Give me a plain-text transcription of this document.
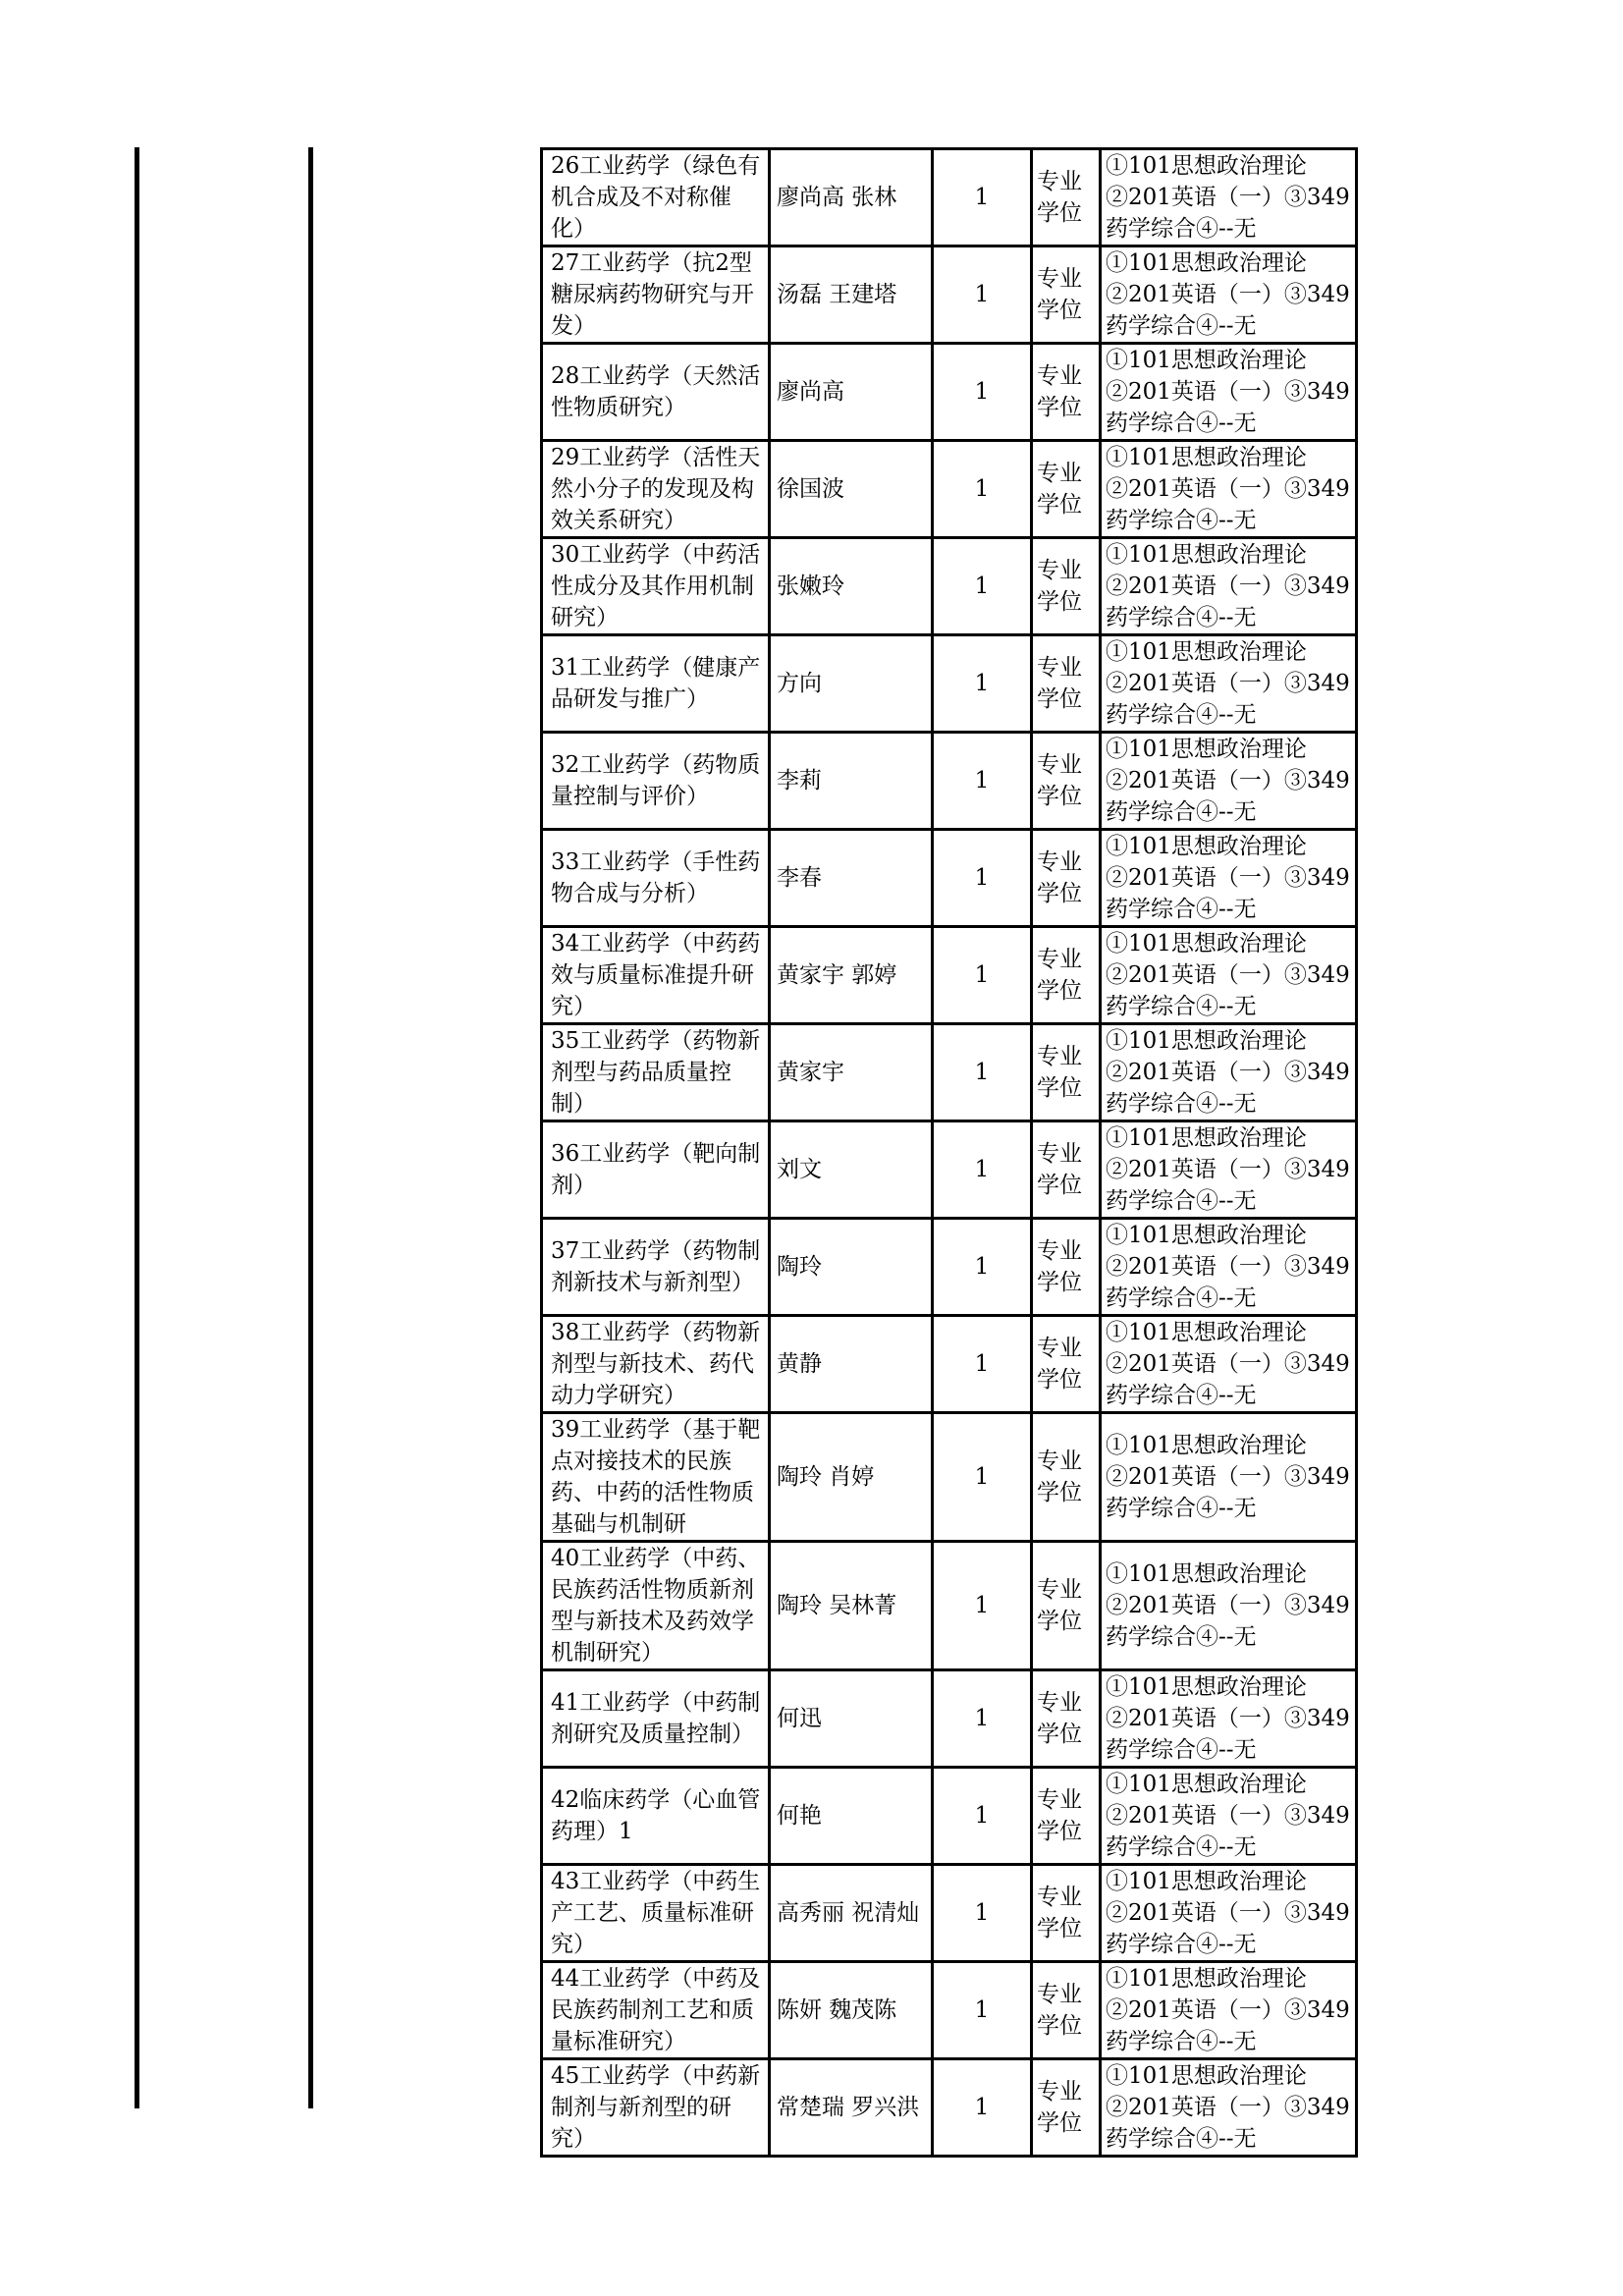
26工业药学（绿色有机合成及不对称催化）	廖尚高 张林	1	专业学位	①101思想政治理论②201英语（一）③349药学综合④--无
27工业药学（抗2型糖尿病药物研究与开发）	汤磊 王建塔	1	专业学位	①101思想政治理论②201英语（一）③349药学综合④--无
28工业药学（天然活性物质研究）	廖尚高	1	专业学位	①101思想政治理论②201英语（一）③349药学综合④--无
29工业药学（活性天然小分子的发现及构效关系研究）	徐国波	1	专业学位	①101思想政治理论②201英语（一）③349药学综合④--无
30工业药学（中药活性成分及其作用机制研究）	张嫩玲	1	专业学位	①101思想政治理论②201英语（一）③349药学综合④--无
31工业药学（健康产品研发与推广）	方向	1	专业学位	①101思想政治理论②201英语（一）③349药学综合④--无
32工业药学（药物质量控制与评价）	李莉	1	专业学位	①101思想政治理论②201英语（一）③349药学综合④--无
33工业药学（手性药物合成与分析）	李春	1	专业学位	①101思想政治理论②201英语（一）③349药学综合④--无
34工业药学（中药药效与质量标准提升研究）	黄家宇 郭婷	1	专业学位	①101思想政治理论②201英语（一）③349药学综合④--无
35工业药学（药物新剂型与药品质量控制）	黄家宇	1	专业学位	①101思想政治理论②201英语（一）③349药学综合④--无
36工业药学（靶向制剂）	刘文	1	专业学位	①101思想政治理论②201英语（一）③349药学综合④--无
37工业药学（药物制剂新技术与新剂型）	陶玲	1	专业学位	①101思想政治理论②201英语（一）③349药学综合④--无
38工业药学（药物新剂型与新技术、药代动力学研究）	黄静	1	专业学位	①101思想政治理论②201英语（一）③349药学综合④--无
39工业药学（基于靶点对接技术的民族药、中药的活性物质基础与机制研	陶玲 肖婷	1	专业学位	①101思想政治理论②201英语（一）③349药学综合④--无
40工业药学（中药、民族药活性物质新剂型与新技术及药效学机制研究）	陶玲 吴林菁	1	专业学位	①101思想政治理论②201英语（一）③349药学综合④--无
41工业药学（中药制剂研究及质量控制）	何迅	1	专业学位	①101思想政治理论②201英语（一）③349药学综合④--无
42临床药学（心血管药理）1	何艳	1	专业学位	①101思想政治理论②201英语（一）③349药学综合④--无
43工业药学（中药生产工艺、质量标准研究）	高秀丽 祝清灿	1	专业学位	①101思想政治理论②201英语（一）③349药学综合④--无
44工业药学（中药及民族药制剂工艺和质量标准研究）	陈妍 魏茂陈	1	专业学位	①101思想政治理论②201英语（一）③349药学综合④--无
45工业药学（中药新制剂与新剂型的研究）	常楚瑞 罗兴洪	1	专业学位	①101思想政治理论②201英语（一）③349药学综合④--无
